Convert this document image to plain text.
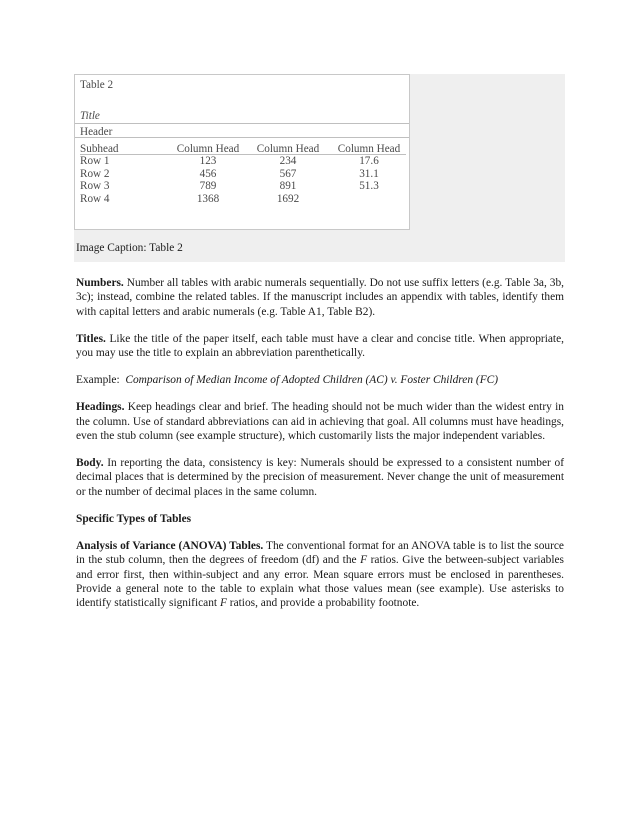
Table 2
Title
Header
Subhead	Column Head	Column Head	Column Head
Row 1	123	234	17.6
Row 2	456	567	31.1
Row 3	789	891	51.3
Row 4	1368	1692
Image Caption: Table 2

Numbers. Number all tables with arabic numerals sequentially. Do not use suffix letters (e.g. Table 3a, 3b, 3c); instead, combine the related tables. If the manuscript includes an appendix with tables, identify them with capital letters and arabic numerals (e.g. Table A1, Table B2).

Titles. Like the title of the paper itself, each table must have a clear and concise title. When appropriate, you may use the title to explain an abbreviation parenthetically.

Example: Comparison of Median Income of Adopted Children (AC) v. Foster Children (FC)

Headings. Keep headings clear and brief. The heading should not be much wider than the widest entry in the column. Use of standard abbreviations can aid in achieving that goal. All columns must have headings, even the stub column (see example structure), which customarily lists the major independent variables.

Body. In reporting the data, consistency is key: Numerals should be expressed to a consistent number of decimal places that is determined by the precision of measurement. Never change the unit of measurement or the number of decimal places in the same column.

Specific Types of Tables

Analysis of Variance (ANOVA) Tables. The conventional format for an ANOVA table is to list the source in the stub column, then the degrees of freedom (df) and the F ratios. Give the between-subject variables and error first, then within-subject and any error. Mean square errors must be enclosed in parentheses. Provide a general note to the table to explain what those values mean (see example). Use asterisks to identify statistically significant F ratios, and provide a probability footnote.
